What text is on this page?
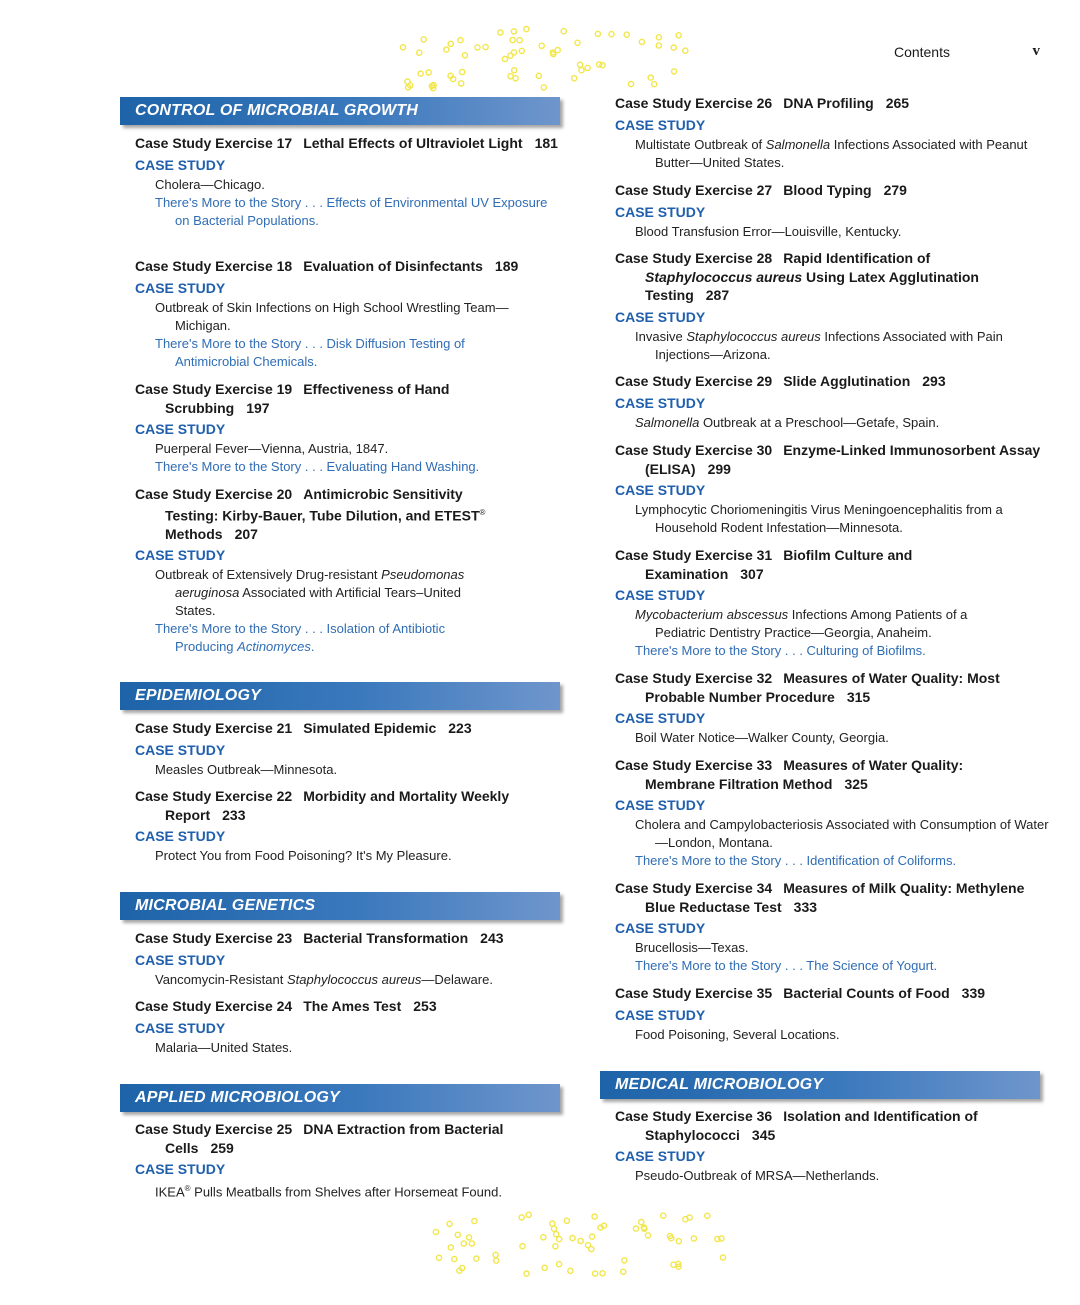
Contents	v
CONTROL OF MICROBIAL GROWTH
Case Study Exercise 17 Lethal Effects of Ultraviolet Light 181
CASE STUDY
Cholera—Chicago.
There's More to the Story . . . Effects of Environmental UV Exposure on Bacterial Populations.
Case Study Exercise 18 Evaluation of Disinfectants 189
CASE STUDY
Outbreak of Skin Infections on High School Wrestling Team—Michigan.
There's More to the Story . . . Disk Diffusion Testing of Antimicrobial Chemicals.
Case Study Exercise 19 Effectiveness of Hand Scrubbing 197
CASE STUDY
Puerperal Fever—Vienna, Austria, 1847.
There's More to the Story . . . Evaluating Hand Washing.
Case Study Exercise 20 Antimicrobic Sensitivity Testing: Kirby-Bauer, Tube Dilution, and ETEST® Methods 207
CASE STUDY
Outbreak of Extensively Drug-resistant Pseudomonas aeruginosa Associated with Artificial Tears–United States.
There's More to the Story . . . Isolation of Antibiotic Producing Actinomyces.
EPIDEMIOLOGY
Case Study Exercise 21 Simulated Epidemic 223
CASE STUDY
Measles Outbreak—Minnesota.
Case Study Exercise 22 Morbidity and Mortality Weekly Report 233
CASE STUDY
Protect You from Food Poisoning? It's My Pleasure.
MICROBIAL GENETICS
Case Study Exercise 23 Bacterial Transformation 243
CASE STUDY
Vancomycin-Resistant Staphylococcus aureus—Delaware.
Case Study Exercise 24 The Ames Test 253
CASE STUDY
Malaria—United States.
APPLIED MICROBIOLOGY
Case Study Exercise 25 DNA Extraction from Bacterial Cells 259
CASE STUDY
IKEA® Pulls Meatballs from Shelves after Horsemeat Found.
Case Study Exercise 26 DNA Profiling 265
CASE STUDY
Multistate Outbreak of Salmonella Infections Associated with Peanut Butter—United States.
Case Study Exercise 27 Blood Typing 279
CASE STUDY
Blood Transfusion Error—Louisville, Kentucky.
Case Study Exercise 28 Rapid Identification of Staphylococcus aureus Using Latex Agglutination Testing 287
CASE STUDY
Invasive Staphylococcus aureus Infections Associated with Pain Injections—Arizona.
Case Study Exercise 29 Slide Agglutination 293
CASE STUDY
Salmonella Outbreak at a Preschool—Getafe, Spain.
Case Study Exercise 30 Enzyme-Linked Immunosorbent Assay (ELISA) 299
CASE STUDY
Lymphocytic Choriomeningitis Virus Meningoencephalitis from a Household Rodent Infestation—Minnesota.
Case Study Exercise 31 Biofilm Culture and Examination 307
CASE STUDY
Mycobacterium abscessus Infections Among Patients of a Pediatric Dentistry Practice—Georgia, Anaheim.
There's More to the Story . . . Culturing of Biofilms.
Case Study Exercise 32 Measures of Water Quality: Most Probable Number Procedure 315
CASE STUDY
Boil Water Notice—Walker County, Georgia.
Case Study Exercise 33 Measures of Water Quality: Membrane Filtration Method 325
CASE STUDY
Cholera and Campylobacteriosis Associated with Consumption of Water—London, Montana.
There's More to the Story . . . Identification of Coliforms.
Case Study Exercise 34 Measures of Milk Quality: Methylene Blue Reductase Test 333
CASE STUDY
Brucellosis—Texas.
There's More to the Story . . . The Science of Yogurt.
Case Study Exercise 35 Bacterial Counts of Food 339
CASE STUDY
Food Poisoning, Several Locations.
MEDICAL MICROBIOLOGY
Case Study Exercise 36 Isolation and Identification of Staphylococci 345
CASE STUDY
Pseudo-Outbreak of MRSA—Netherlands.
